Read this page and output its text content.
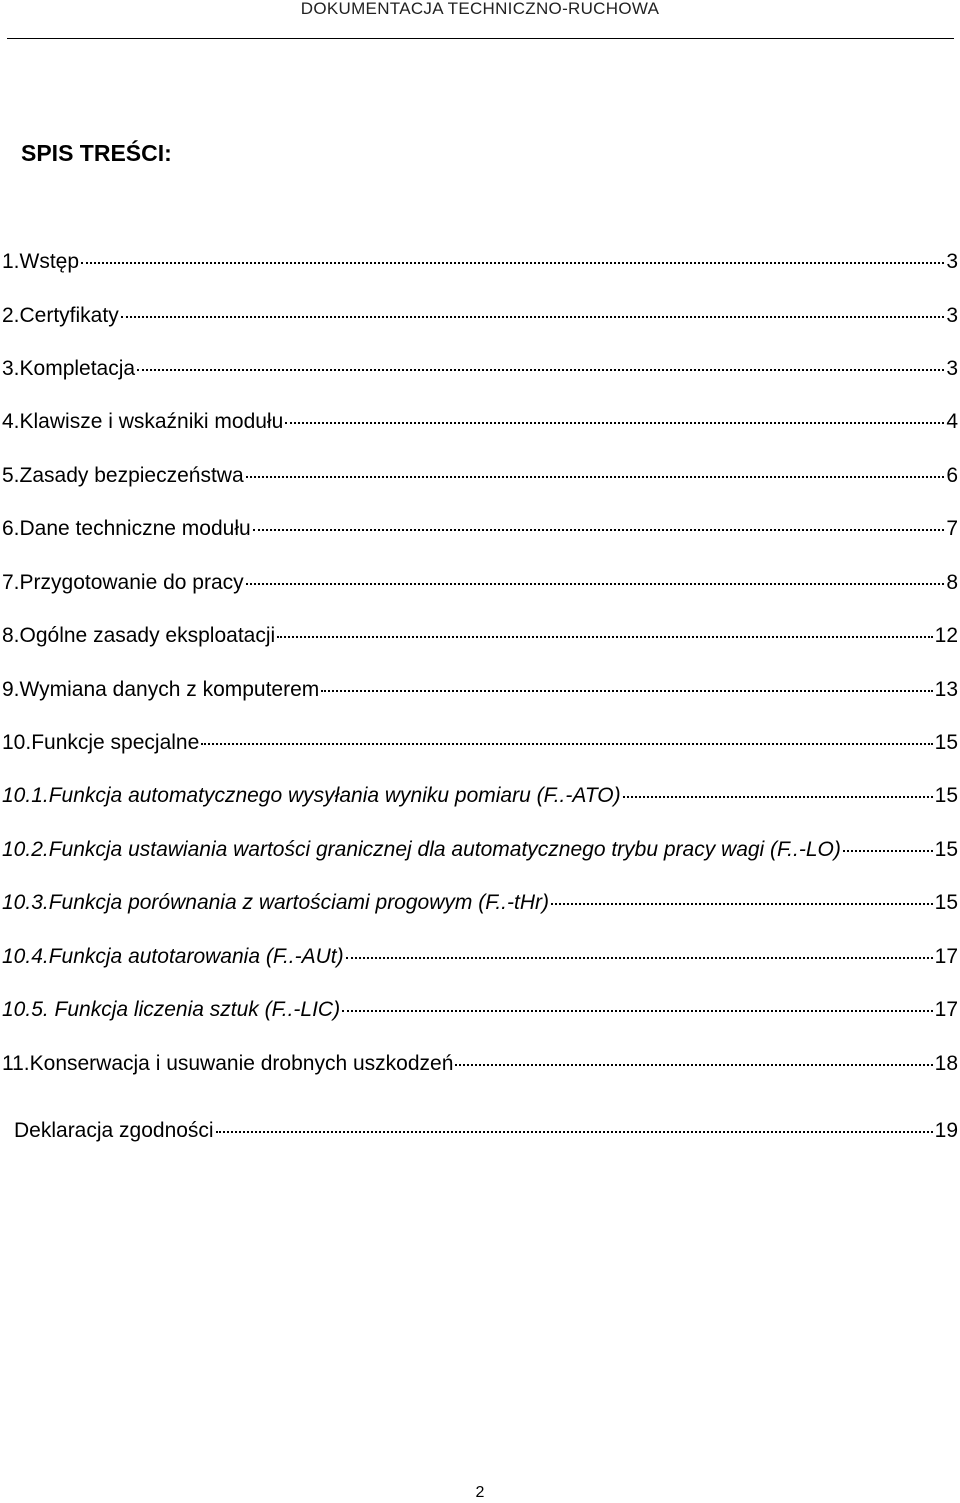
DOKUMENTACJA TECHNICZNO-RUCHOWA
SPIS TREŚCI:
1.Wstęp	3
2.Certyfikaty	3
3.Kompletacja	3
4.Klawisze i wskaźniki modułu	4
5.Zasady bezpieczeństwa	6
6.Dane techniczne modułu	7
7.Przygotowanie do pracy	8
8.Ogólne zasady eksploatacji	12
9.Wymiana danych z komputerem	13
10.Funkcje specjalne	15
10.1.Funkcja automatycznego wysyłania wyniku pomiaru (F..-ATO)	15
10.2.Funkcja ustawiania wartości granicznej dla automatycznego trybu pracy wagi (F..-LO)	15
10.3.Funkcja porównania z wartościami progowym (F..-tHr)	15
10.4.Funkcja autotarowania (F..-AUt)	17
10.5. Funkcja liczenia sztuk (F..-LIC)	17
11.Konserwacja i usuwanie drobnych uszkodzeń	18
Deklaracja zgodności	19
2
